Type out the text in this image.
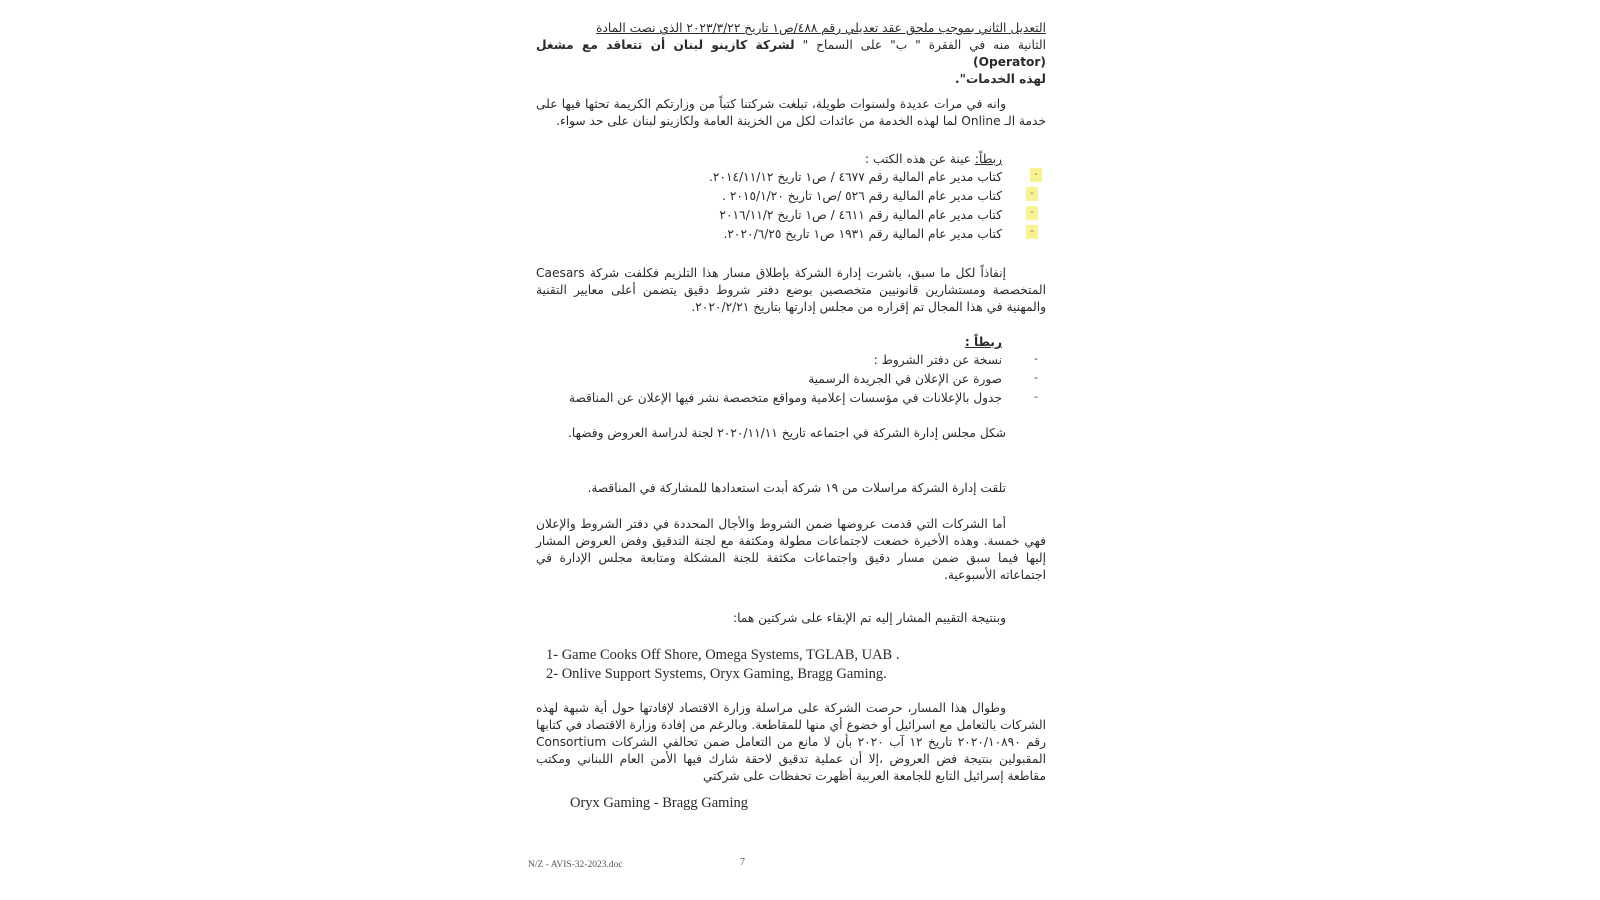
التعديل الثاني بموجب ملحق عقد تعديلي رقم ٤٨٨/ص١ تاريخ ٢٠٢٣/٣/٢٢ الذي نصت المادة
الثانية منه في الفقرة " ب" على السماح " لشركة كازينو لبنان أن تتعاقد مع مشغل (Operator)
لهذه الخدمات".
وانه في مرات عديدة ولسنوات طويلة، تبلغت شركتنا كتباً من وزارتكم الكريمة تحثها فيها على خدمة الـ Online لما لهذه الخدمة من عائدات لكل من الخزينة العامة ولكازينو لبنان على حد سواء.
ربطاً: عينة عن هذه الكتب :
كتاب مدير عام المالية رقم ٤٦٧٧ / ص١ تاريخ ٢٠١٤/١١/١٢.
كتاب مدير عام المالية رقم ٥٢٦ /ص١ تاريخ ٢٠١٥/١/٢٠ .
كتاب مدير عام المالية رقم ٤٦١١ / ص١ تاريخ ٢٠١٦/١١/٢
كتاب مدير عام المالية رقم ١٩٣١ ص١ تاريخ ٢٠٢٠/٦/٢٥.
-
-
-
-
إنفاذاً لكل ما سبق، باشرت إدارة الشركة بإطلاق مسار هذا التلزيم فكلفت شركة Caesars المتخصصة ومستشارين قانونيين متخصصين بوضع دفتر شروط دقيق يتضمن أعلى معايير التقنية والمهنية في هذا المجال تم إقراره من مجلس إدارتها بتاريخ ٢٠٢٠/٢/٢١.
ربطاً :
نسخة عن دفتر الشروط :
صورة عن الإعلان في الجريدة الرسمية
جدول بالإعلانات في مؤسسات إعلامية ومواقع متخصصة نشر فيها الإعلان عن المناقصة
-
-
-
شكل مجلس إدارة الشركة في اجتماعه تاريخ ٢٠٢٠/١١/١١ لجنة لدراسة العروض وفضها.
تلقت إدارة الشركة مراسلات من ١٩ شركة أبدت استعدادها للمشاركة في المناقصة.
أما الشركات التي قدمت عروضها ضمن الشروط والأجال المحددة في دفتر الشروط والإعلان فهي خمسة. وهذه الأخيرة خضعت لاجتماعات مطولة ومكثفة مع لجنة التدقيق وفض العروض المشار إليها فيما سبق ضمن مسار دقيق واجتماعات مكثفة للجنة المشكلة ومتابعة مجلس الإدارة في اجتماعاته الأسبوعية.
وبنتيجة التقييم المشار إليه تم الإبقاء على شركتين هما:
1- Game Cooks Off Shore, Omega Systems, TGLAB, UAB .
2- Onlive Support Systems, Oryx Gaming, Bragg Gaming.
وطوال هذا المسار، حرصت الشركة على مراسلة وزارة الاقتصاد لإفادتها حول أية شبهة لهذه الشركات بالتعامل مع اسرائيل أو خضوع أي منها للمقاطعة. وبالرغم من إفادة وزارة الاقتصاد في كتابها رقم ٢٠٢٠/١٠٨٩٠ تاريخ ١٢ آب ٢٠٢٠ بأن لا مانع من التعامل ضمن تحالفي الشركات Consortium المقبولين بنتيجة فض العروض ،إلا أن عملية تدقيق لاحقة شارك فيها الأمن العام اللبناني ومكتب مقاطعة إسرائيل التابع للجامعة العربية أظهرت تحفظات على شركتي
Oryx Gaming - Bragg Gaming
N/Z - AVIS-32-2023.doc	7
